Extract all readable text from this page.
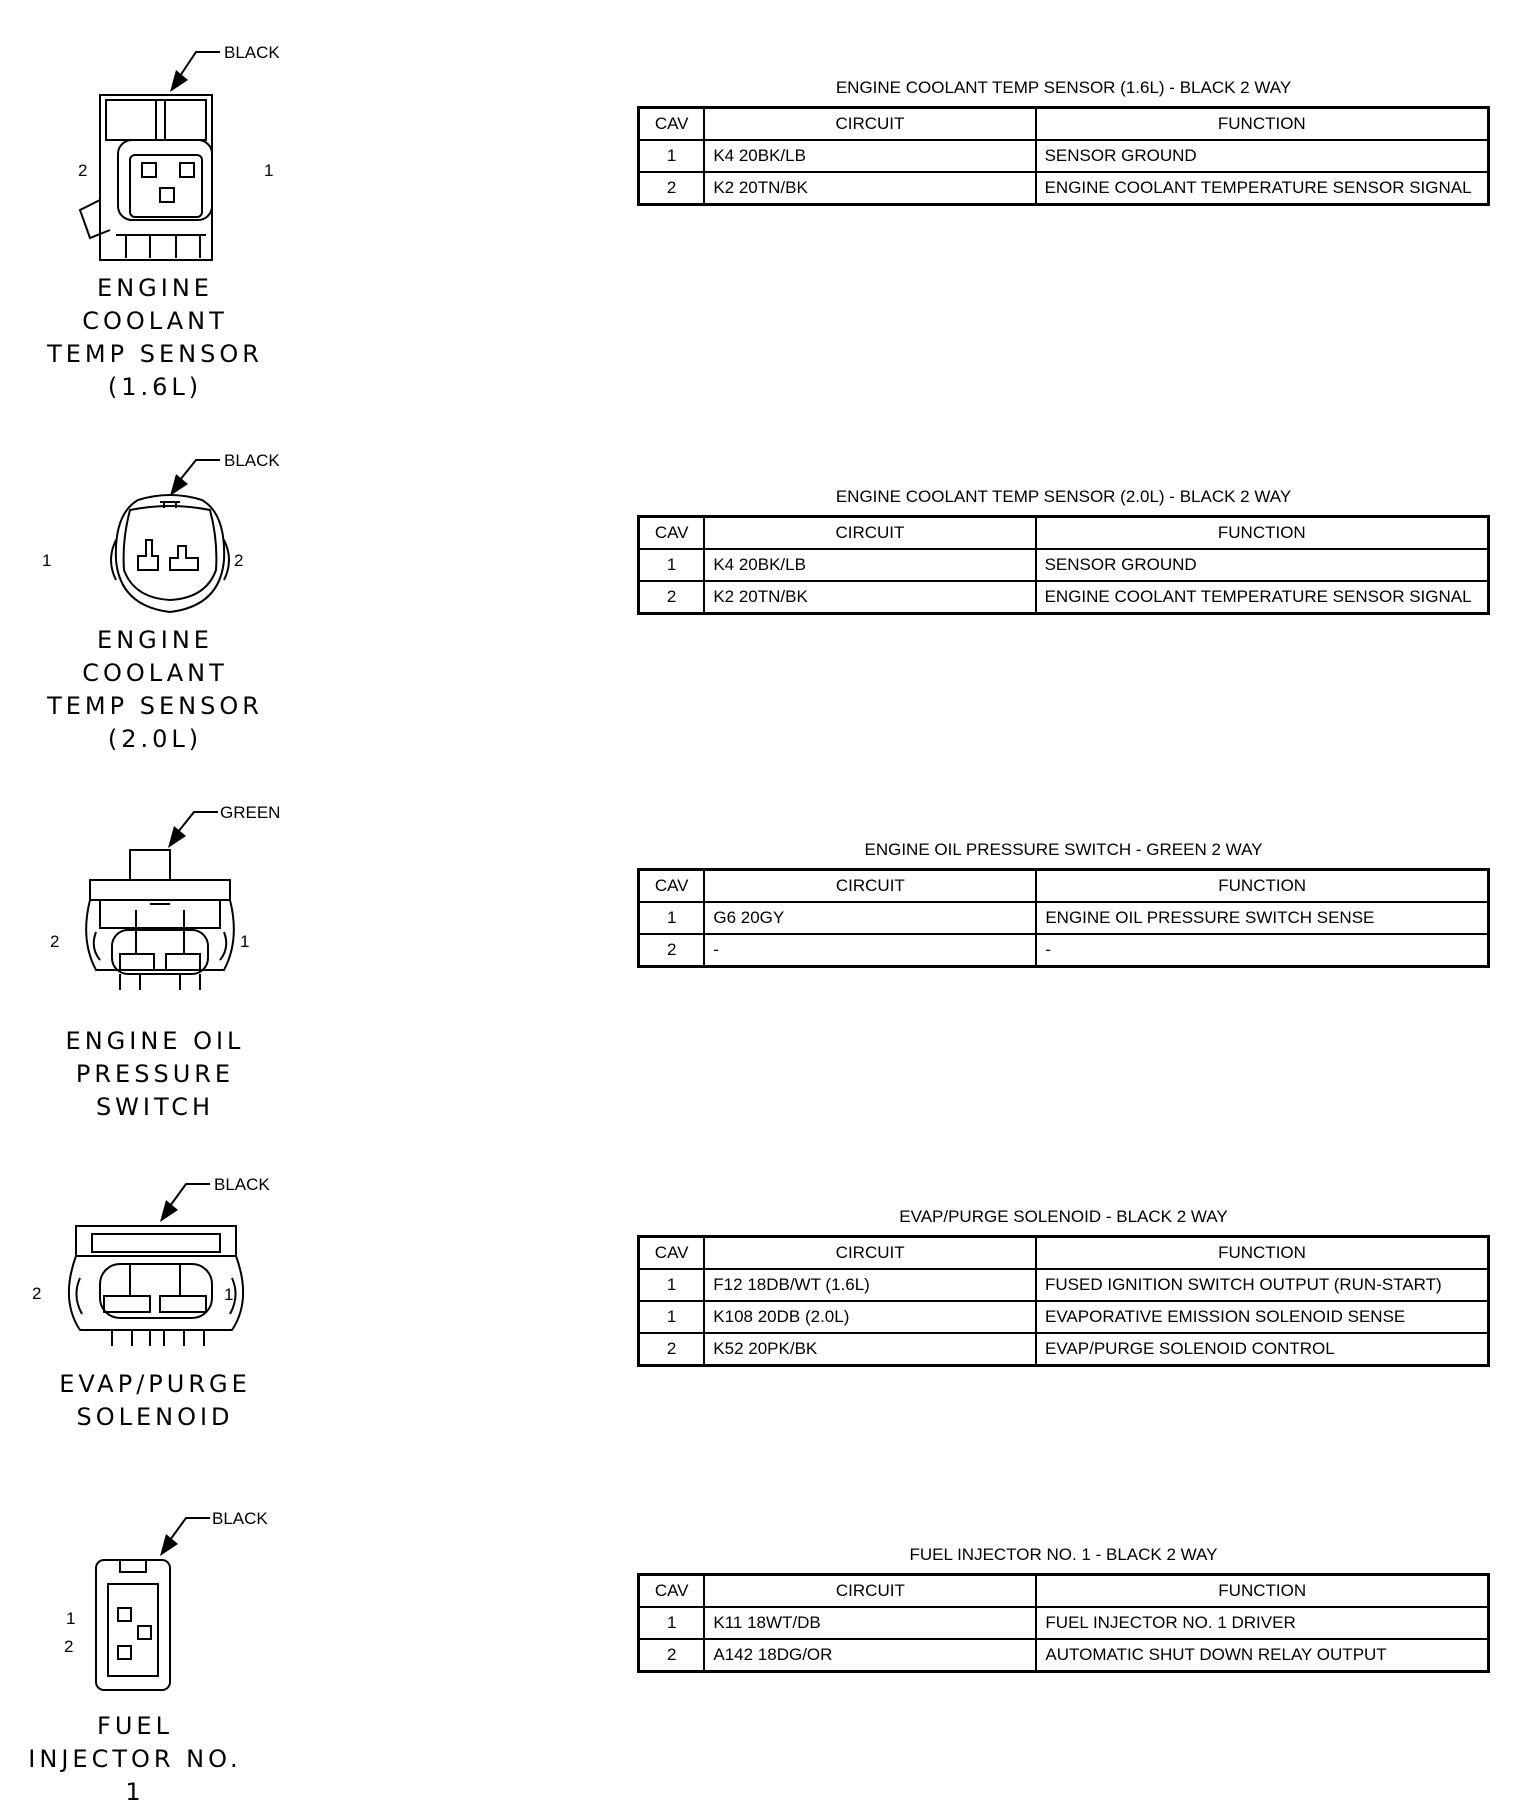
BLACK
2	1
ENGINE COOLANT
TEMP SENSOR
(1.6L)
ENGINE COOLANT TEMP SENSOR (1.6L) - BLACK 2 WAY
CAV	CIRCUIT	FUNCTION
1	K4 20BK/LB	SENSOR GROUND
2	K2 20TN/BK	ENGINE COOLANT TEMPERATURE SENSOR SIGNAL
BLACK
1	2
ENGINE COOLANT
TEMP SENSOR
(2.0L)
ENGINE COOLANT TEMP SENSOR (2.0L) - BLACK 2 WAY
CAV	CIRCUIT	FUNCTION
1	K4 20BK/LB	SENSOR GROUND
2	K2 20TN/BK	ENGINE COOLANT TEMPERATURE SENSOR SIGNAL
GREEN
2	1
ENGINE OIL
PRESSURE SWITCH
ENGINE OIL PRESSURE SWITCH - GREEN 2 WAY
CAV	CIRCUIT	FUNCTION
1	G6 20GY	ENGINE OIL PRESSURE SWITCH SENSE
2	-	-
BLACK
2	1
EVAP/PURGE
SOLENOID
EVAP/PURGE SOLENOID - BLACK 2 WAY
CAV	CIRCUIT	FUNCTION
1	F12 18DB/WT (1.6L)	FUSED IGNITION SWITCH OUTPUT (RUN-START)
1	K108 20DB (2.0L)	EVAPORATIVE EMISSION SOLENOID SENSE
2	K52 20PK/BK	EVAP/PURGE SOLENOID CONTROL
BLACK
1
2
FUEL
INJECTOR NO. 1
FUEL INJECTOR NO. 1 - BLACK 2 WAY
CAV	CIRCUIT	FUNCTION
1	K11 18WT/DB	FUEL INJECTOR NO. 1 DRIVER
2	A142 18DG/OR	AUTOMATIC SHUT DOWN RELAY OUTPUT
